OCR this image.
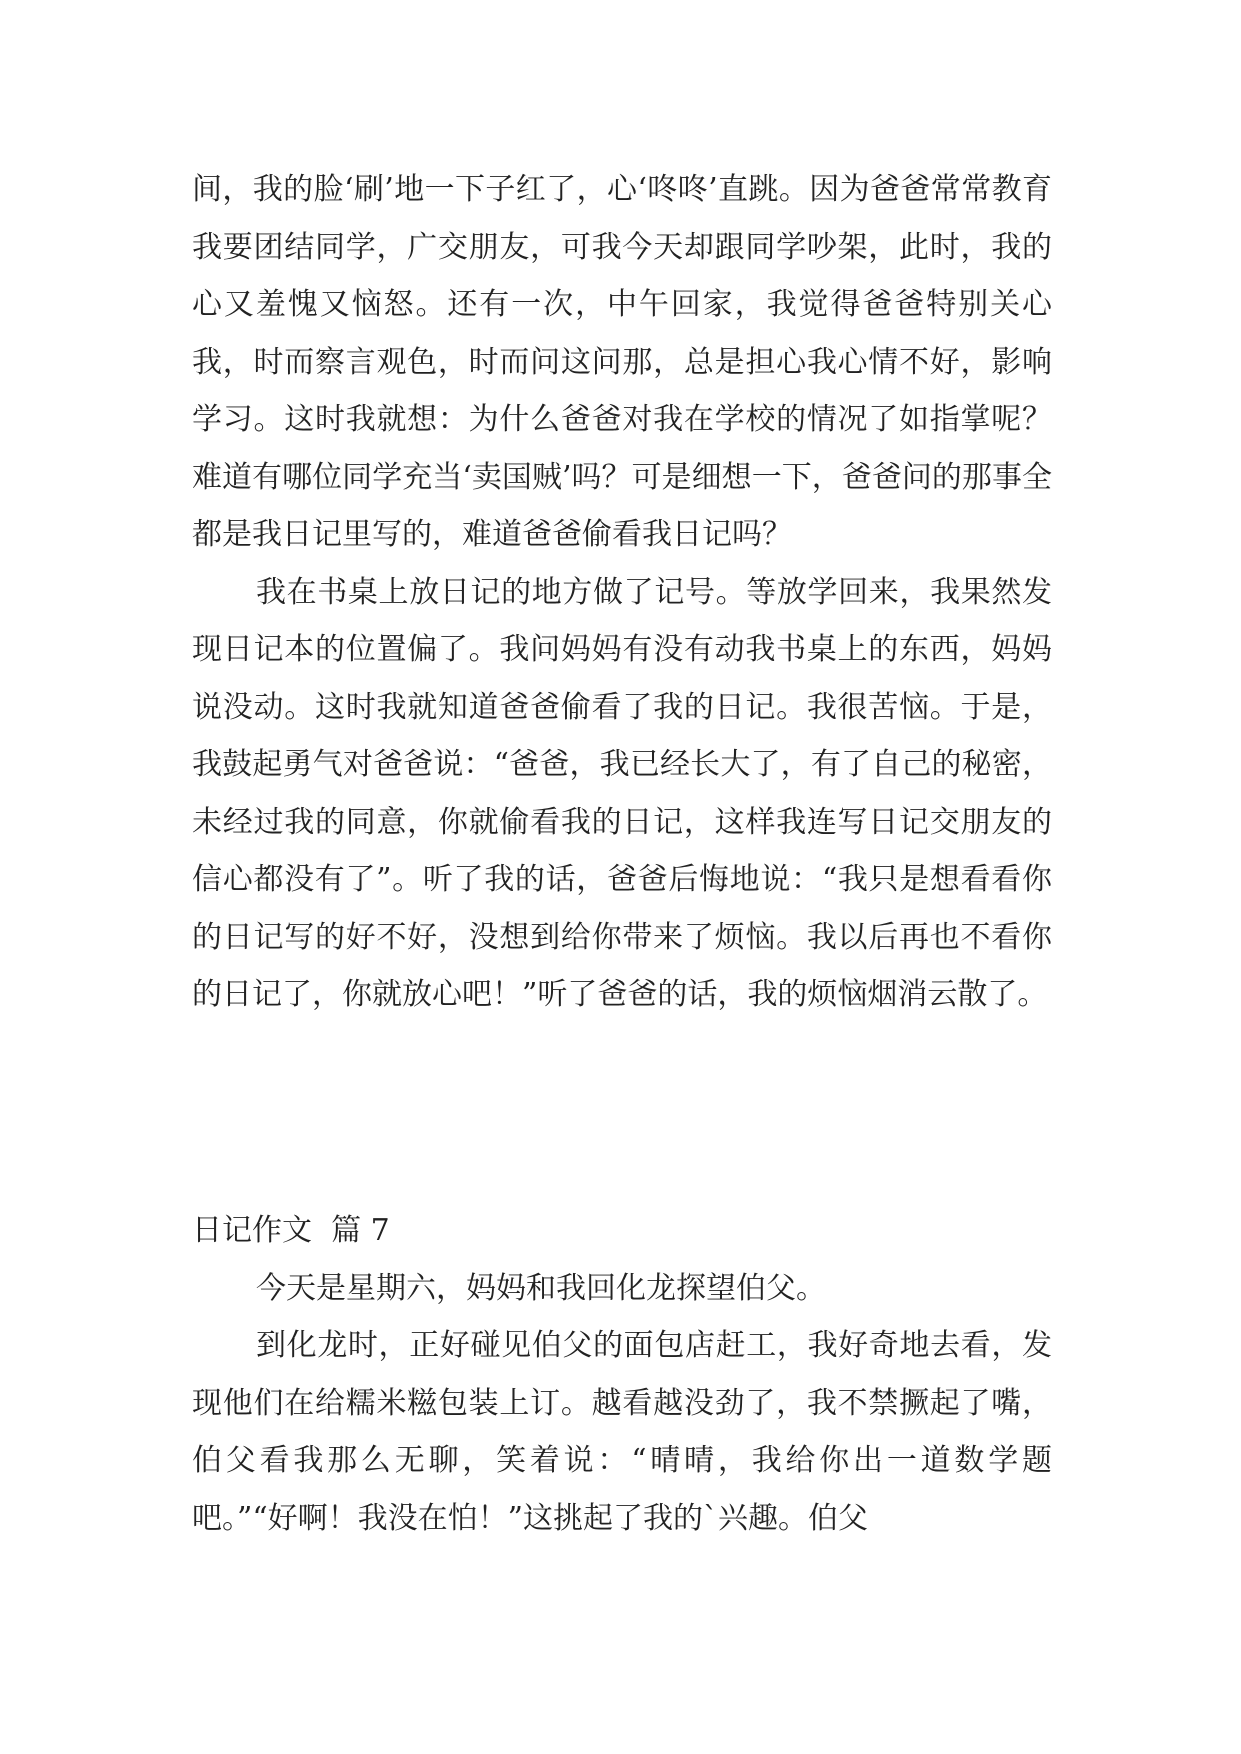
间，我的脸‘刷’地一下子红了，心‘咚咚’直跳。因为爸爸常常教育我要团结同学，广交朋友，可我今天却跟同学吵架，此时，我的心又羞愧又恼怒。还有一次，中午回家，我觉得爸爸特别关心我，时而察言观色，时而问这问那，总是担心我心情不好，影响学习。这时我就想：为什么爸爸对我在学校的情况了如指掌呢？难道有哪位同学充当‘卖国贼’吗？可是细想一下，爸爸问的那事全都是我日记里写的，难道爸爸偷看我日记吗？

我在书桌上放日记的地方做了记号。等放学回来，我果然发现日记本的位置偏了。我问妈妈有没有动我书桌上的东西，妈妈说没动。这时我就知道爸爸偷看了我的日记。我很苦恼。于是，我鼓起勇气对爸爸说：“爸爸，我已经长大了，有了自己的秘密，未经过我的同意，你就偷看我的日记，这样我连写日记交朋友的信心都没有了”。听了我的话，爸爸后悔地说：“我只是想看看你的日记写的好不好，没想到给你带来了烦恼。我以后再也不看你的日记了，你就放心吧！”听了爸爸的话，我的烦恼烟消云散了。

日记作文  篇 7

今天是星期六，妈妈和我回化龙探望伯父。

到化龙时，正好碰见伯父的面包店赶工，我好奇地去看，发现他们在给糯米糍包装上订。越看越没劲了，我不禁撅起了嘴，伯父看我那么无聊，笑着说：“晴晴，我给你出一道数学题吧。”“好啊！我没在怕！”这挑起了我的`兴趣。伯父
